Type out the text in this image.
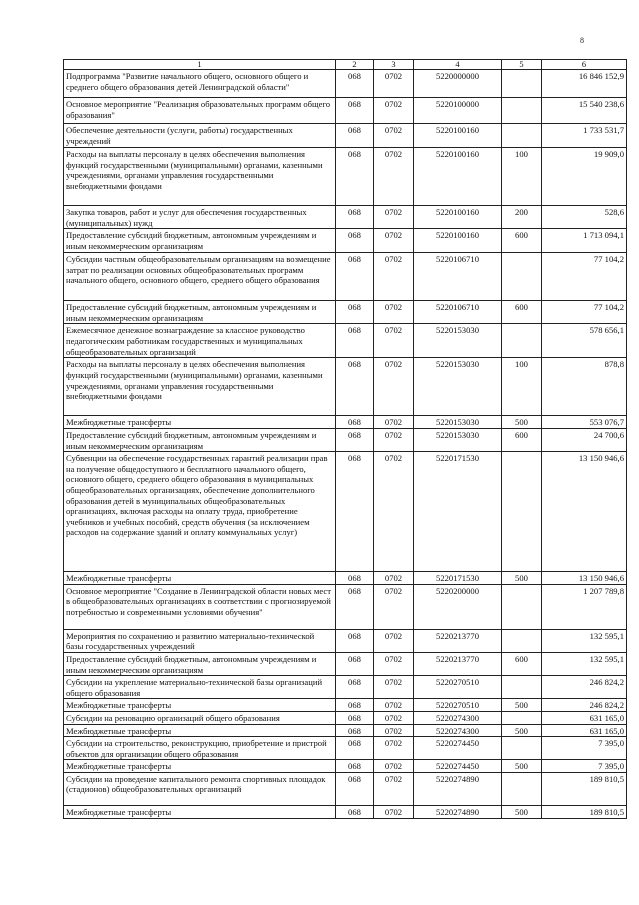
8
1	2	3	4	5	6
Подпрограмма "Развитие начального общего, основного общего и среднего общего образования детей Ленинградской области"	068	0702	5220000000		16 846 152,9
Основное мероприятие "Реализация образовательных программ общего образования"	068	0702	5220100000		15 540 238,6
Обеспечение деятельности (услуги, работы) государственных учреждений	068	0702	5220100160		1 733 531,7
Расходы на выплаты персоналу в целях обеспечения выполнения функций государственными (муниципальными) органами, казенными учреждениями, органами управления государственными внебюджетными фондами	068	0702	5220100160	100	19 909,0
Закупка товаров, работ и услуг для обеспечения государственных (муниципальных) нужд	068	0702	5220100160	200	528,6
Предоставление субсидий бюджетным, автономным учреждениям и иным некоммерческим организациям	068	0702	5220100160	600	1 713 094,1
Субсидии частным общеобразовательным организациям на возмещение затрат по реализации основных общеобразовательных программ начального общего, основного общего, среднего общего образования	068	0702	5220106710		77 104,2
Предоставление субсидий бюджетным, автономным учреждениям и иным некоммерческим организациям	068	0702	5220106710	600	77 104,2
Ежемесячное денежное вознаграждение за классное руководство педагогическим работникам государственных и муниципальных общеобразовательных организаций	068	0702	5220153030		578 656,1
Расходы на выплаты персоналу в целях обеспечения выполнения функций государственными (муниципальными) органами, казенными учреждениями, органами управления государственными внебюджетными фондами	068	0702	5220153030	100	878,8
Межбюджетные трансферты	068	0702	5220153030	500	553 076,7
Предоставление субсидий бюджетным, автономным учреждениям и иным некоммерческим организациям	068	0702	5220153030	600	24 700,6
Субвенции на обеспечение государственных гарантий реализации прав на получение общедоступного и бесплатного начального общего, основного общего, среднего общего образования в муниципальных общеобразовательных организациях, обеспечение дополнительного образования детей в муниципальных общеобразовательных организациях, включая расходы на оплату труда, приобретение учебников и учебных пособий, средств обучения (за исключением расходов на содержание зданий и оплату коммунальных услуг)	068	0702	5220171530		13 150 946,6
Межбюджетные трансферты	068	0702	5220171530	500	13 150 946,6
Основное мероприятие "Создание в Ленинградской области новых мест в общеобразовательных организациях в соответствии с прогнозируемой потребностью и современными условиями обучения"	068	0702	5220200000		1 207 789,8
Мероприятия по сохранению и развитию материально-технической базы государственных учреждений	068	0702	5220213770		132 595,1
Предоставление субсидий бюджетным, автономным учреждениям и иным некоммерческим организациям	068	0702	5220213770	600	132 595,1
Субсидии на укрепление материально-технической базы организаций общего образования	068	0702	5220270510		246 824,2
Межбюджетные трансферты	068	0702	5220270510	500	246 824,2
Субсидии на реновацию организаций общего образования	068	0702	5220274300		631 165,0
Межбюджетные трансферты	068	0702	5220274300	500	631 165,0
Субсидии на строительство, реконструкцию, приобретение и пристрой объектов для организации общего образования	068	0702	5220274450		7 395,0
Межбюджетные трансферты	068	0702	5220274450	500	7 395,0
Субсидии на проведение капитального ремонта спортивных площадок (стадионов) общеобразовательных организаций	068	0702	5220274890		189 810,5
Межбюджетные трансферты	068	0702	5220274890	500	189 810,5
